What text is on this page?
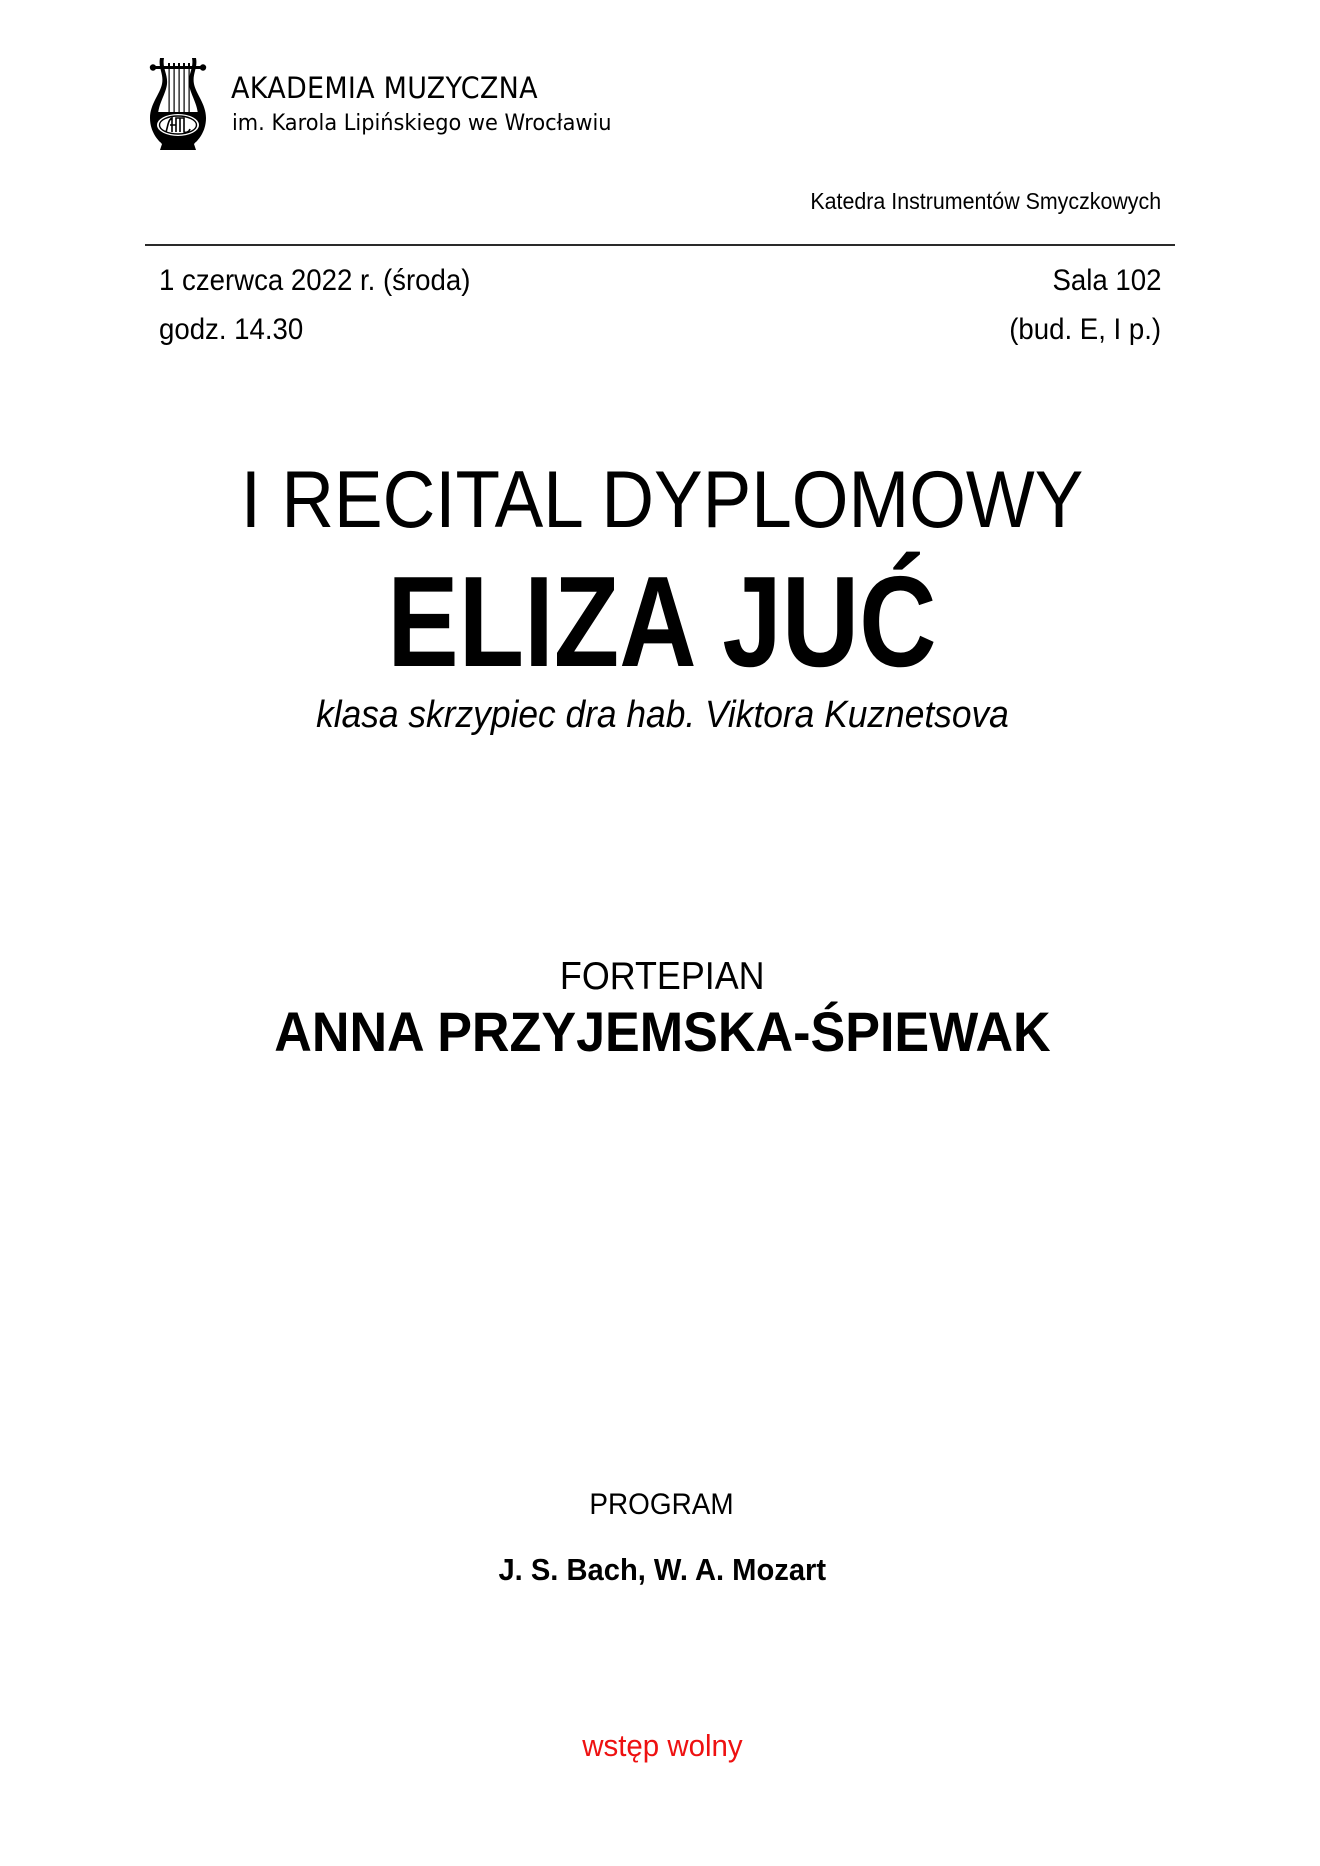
AKADEMIA MUZYCZNA
im. Karola Lipińskiego we Wrocławiu
Katedra Instrumentów Smyczkowych
1 czerwca 2022 r. (środa)
godz. 14.30
Sala 102
(bud. E, I p.)
I RECITAL DYPLOMOWY
ELIZA JUĆ
klasa skrzypiec dra hab. Viktora Kuznetsova
FORTEPIAN
ANNA PRZYJEMSKA-ŚPIEWAK
PROGRAM
J. S. Bach, W. A. Mozart
wstęp wolny
